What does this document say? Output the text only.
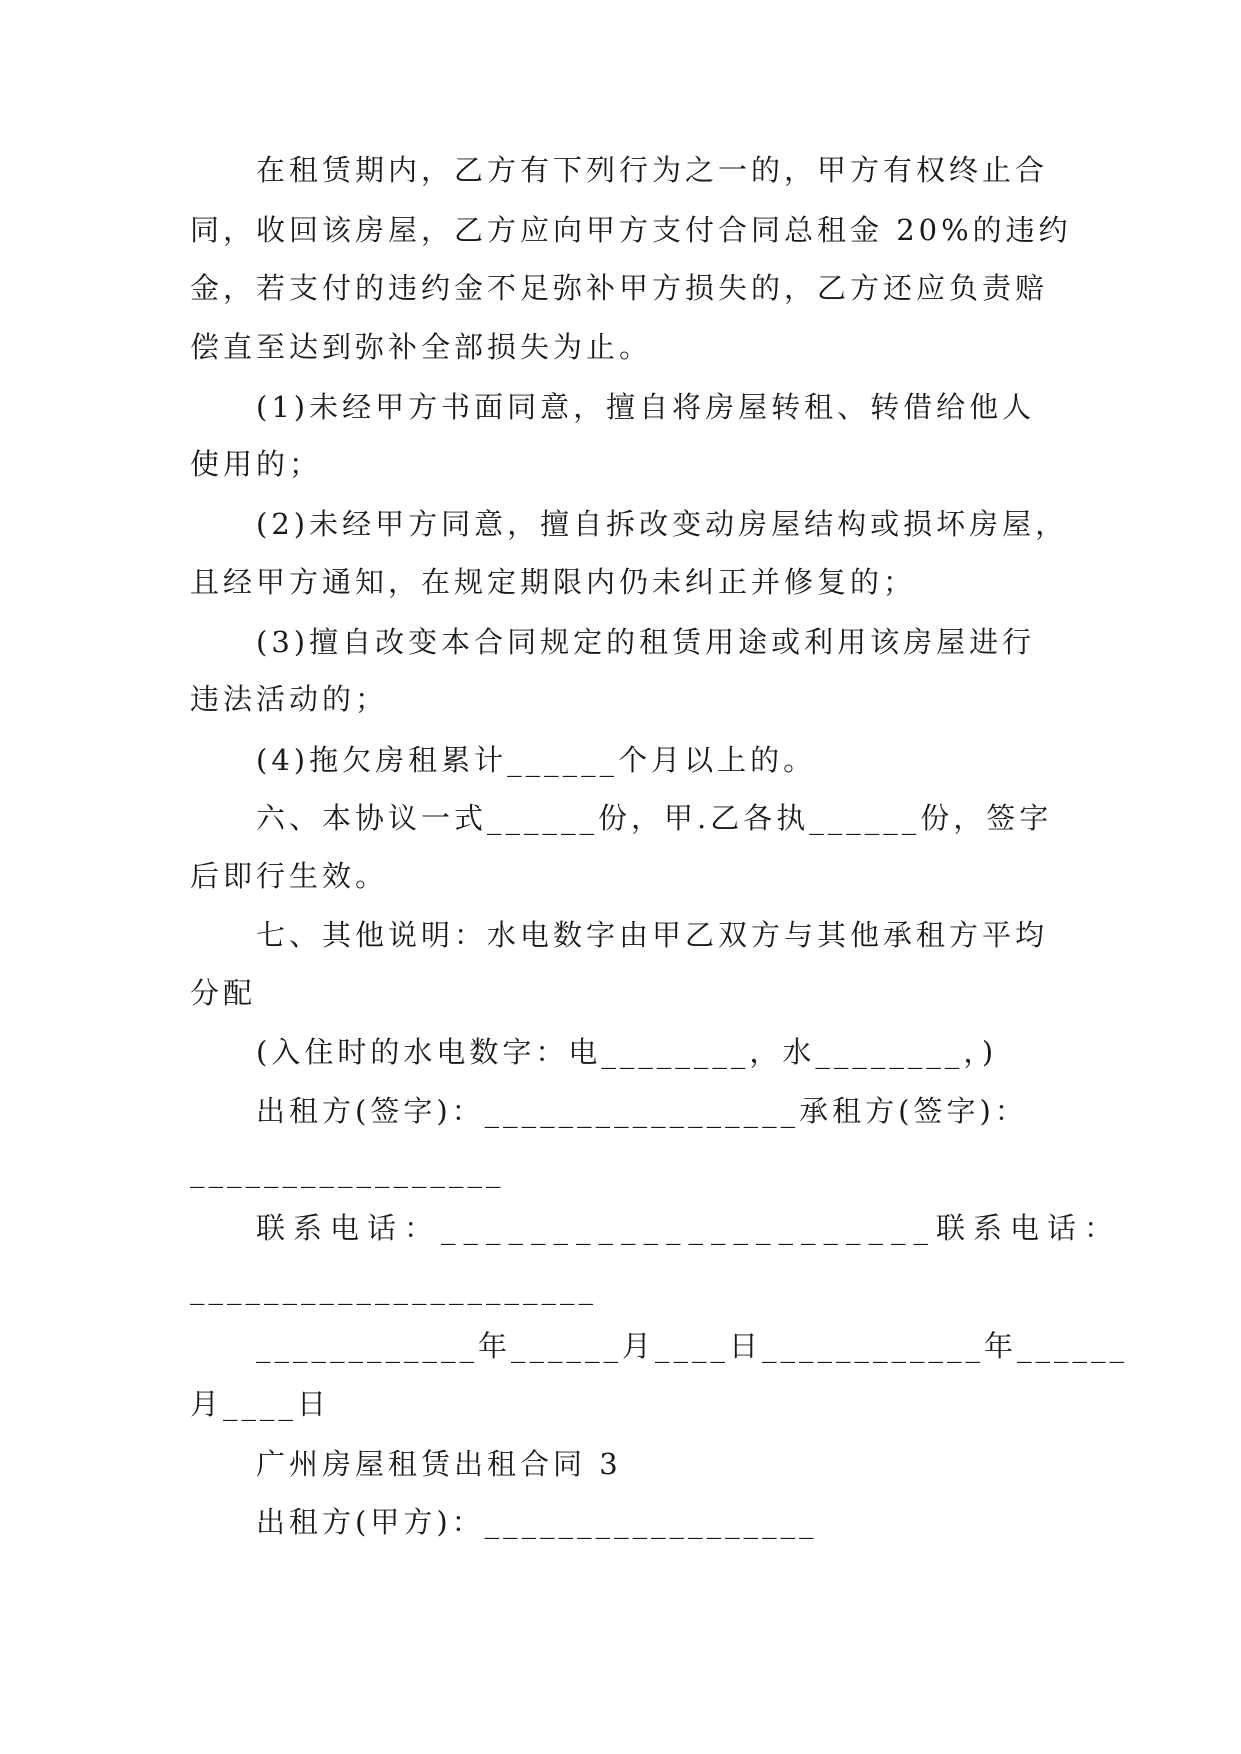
在租赁期内，乙方有下列行为之一的，甲方有权终止合
同，收回该房屋，乙方应向甲方支付合同总租金 20%的违约
金，若支付的违约金不足弥补甲方损失的，乙方还应负责赔
偿直至达到弥补全部损失为止。
(1)未经甲方书面同意，擅自将房屋转租、转借给他人
使用的；
(2)未经甲方同意，擅自拆改变动房屋结构或损坏房屋，
且经甲方通知，在规定期限内仍未纠正并修复的；
(3)擅自改变本合同规定的租赁用途或利用该房屋进行
违法活动的；
(4)拖欠房租累计______个月以上的。
六、本协议一式______份，甲.乙各执______份，签字
后即行生效。
七、其他说明：水电数字由甲乙双方与其他承租方平均
分配
(入住时的水电数字：电________，水________，)
出租方(签字)：_________________承租方(签字)：
_________________
联系电话：______________________联系电话：
______________________
____________年______月____日____________年______
月____日
广州房屋租赁出租合同 3
出租方(甲方)：__________________
